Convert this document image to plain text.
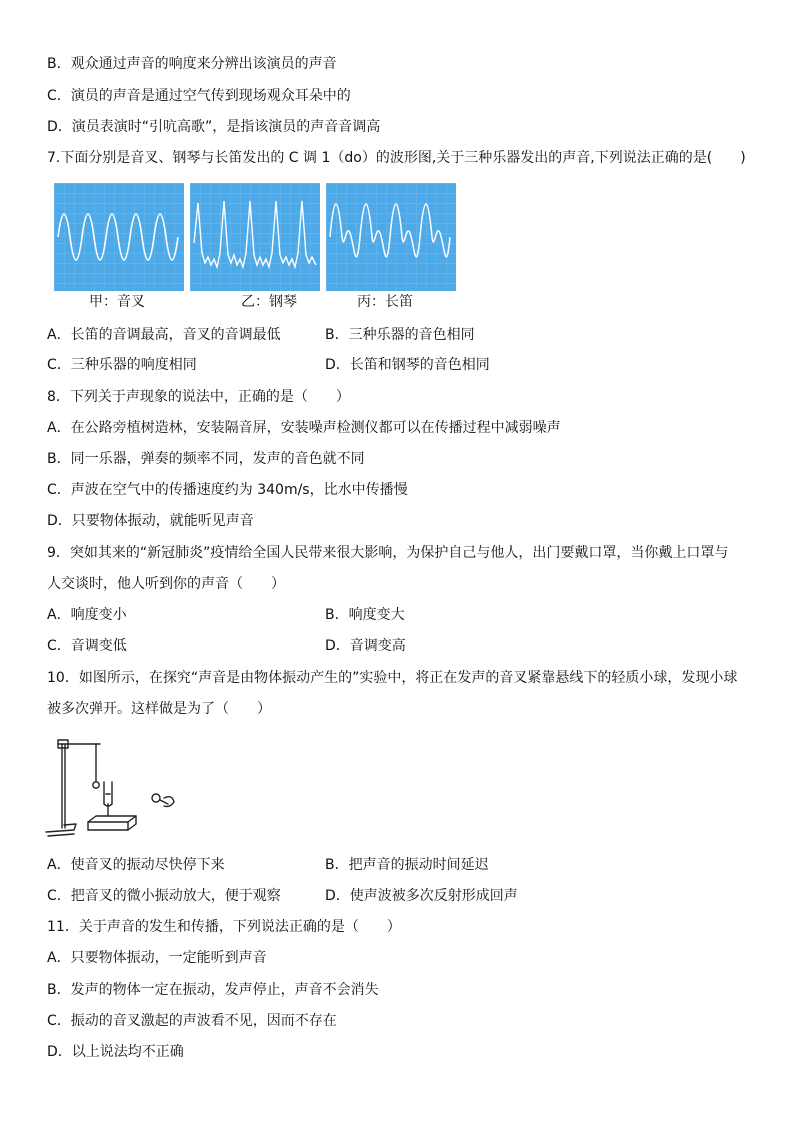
B．观众通过声音的响度来分辨出该演员的声音
C．演员的声音是通过空气传到现场观众耳朵中的
D．演员表演时“引吭高歌”，是指该演员的声音音调高
7.下面分别是音叉、钢琴与长笛发出的 C 调 1（do）的波形图,关于三种乐器发出的声音,下列说法正确的是(　　)
甲：音叉	乙：钢琴	丙：长笛
A．长笛的音调最高，音叉的音调最低	B．三种乐器的音色相同
C．三种乐器的响度相同	D．长笛和钢琴的音色相同
8．下列关于声现象的说法中，正确的是（　　）
A．在公路旁植树造林，安装隔音屏，安装噪声检测仪都可以在传播过程中减弱噪声
B．同一乐器，弹奏的频率不同，发声的音色就不同
C．声波在空气中的传播速度约为 340m/s，比水中传播慢
D．只要物体振动，就能听见声音
9．突如其来的“新冠肺炎”疫情给全国人民带来很大影响，为保护自己与他人，出门要戴口罩，当你戴上口罩与
人交谈时，他人听到你的声音（　　）
A．响度变小	B．响度变大
C．音调变低	D．音调变高
10．如图所示，在探究“声音是由物体振动产生的”实验中，将正在发声的音叉紧靠悬线下的轻质小球，发现小球
被多次弹开。这样做是为了（　　）
A．使音叉的振动尽快停下来	B．把声音的振动时间延迟
C．把音叉的微小振动放大，便于观察	D．使声波被多次反射形成回声
11．关于声音的发生和传播，下列说法正确的是（　　）
A．只要物体振动，一定能听到声音
B．发声的物体一定在振动，发声停止，声音不会消失
C．振动的音叉激起的声波看不见，因而不存在
D．以上说法均不正确
